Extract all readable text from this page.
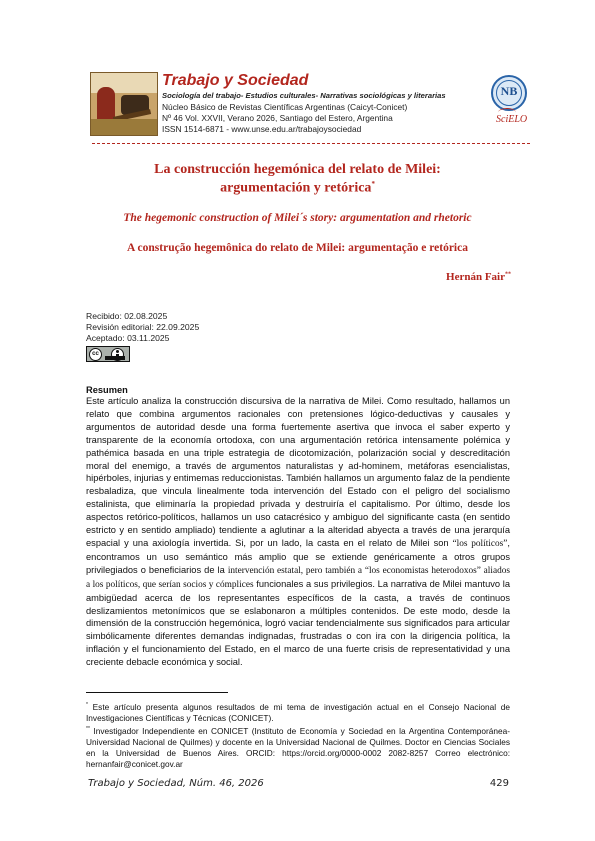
Trabajo y Sociedad
Sociología del trabajo- Estudios culturales- Narrativas sociológicas y literarias
Núcleo Básico de Revistas Científicas Argentinas (Caicyt-Conicet)
Nº 46 Vol. XXVII, Verano 2026, Santiago del Estero, Argentina
ISSN 1514-6871 - www.unse.edu.ar/trabajoysociedad
NB
SciELO
La construcción hegemónica del relato de Milei:
argumentación y retórica*
The hegemonic construction of Milei´s story: argumentation and rhetoric
A construção hegemônica do relato de Milei: argumentação e retórica
Hernán Fair**
Recibido: 02.08.2025
Revisión editorial: 22.09.2025
Aceptado: 03.11.2025
cc
Resumen
Este artículo analiza la construcción discursiva de la narrativa de Milei. Como resultado, hallamos un relato que combina argumentos racionales con pretensiones lógico-deductivas y causales y argumentos de autoridad desde una forma fuertemente asertiva que invoca el saber experto y transparente de la economía ortodoxa, con una argumentación retórica intensamente polémica y pathémica basada en una triple estrategia de dicotomización, polarización social y descreditación moral del enemigo, a través de argumentos naturalistas y ad-hominem, metáforas esencialistas, hipérboles, injurias y entimemas reduccionistas. También hallamos un argumento falaz de la pendiente resbaladiza, que vincula linealmente toda intervención del Estado con el peligro del socialismo estalinista, que eliminaría la propiedad privada y destruiría el capitalismo. Por último, desde los aspectos retórico-políticos, hallamos un uso catacrésico y ambiguo del significante casta (en sentido estricto y en sentido ampliado) tendiente a aglutinar a la alteridad abyecta a través de una jerarquía espacial y una axiología invertida. Si, por un lado, la casta en el relato de Milei son “los políticos”, encontramos un uso semántico más amplio que se extiende genéricamente a otros grupos privilegiados o beneficiarios de la intervención estatal, pero también a “los economistas heterodoxos” aliados a los políticos, que serían socios y cómplices funcionales a sus privilegios. La narrativa de Milei mantuvo la ambigüedad acerca de los representantes específicos de la casta, a través de continuos deslizamientos metonímicos que se eslabonaron a múltiples contenidos. De este modo, desde la dimensión de la construcción hegemónica, logró vaciar tendencialmente sus significados para articular simbólicamente diferentes demandas indignadas, frustradas o con ira con la dirigencia política, la inflación y el funcionamiento del Estado, en el marco de una fuerte crisis de representatividad y una creciente debacle económica y social.
* Este artículo presenta algunos resultados de mi tema de investigación actual en el Consejo Nacional de Investigaciones Científicas y Técnicas (CONICET).
** Investigador Independiente en CONICET (Instituto de Economía y Sociedad en la Argentina Contemporánea-Universidad Nacional de Quilmes) y docente en la Universidad Nacional de Quilmes. Doctor en Ciencias Sociales en la Universidad de Buenos Aires. ORCID: https://orcid.org/0000-0002 2082-8257 Correo electrónico: hernanfair@conicet.gov.ar
Trabajo y Sociedad, Núm. 46, 2026	429
